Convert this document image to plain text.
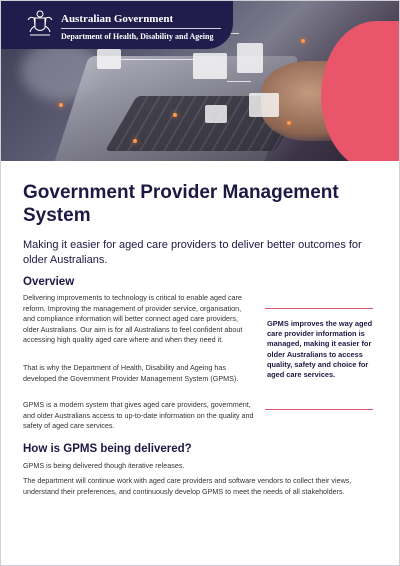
Australian Government
Department of Health, Disability and Ageing
Government Provider Management System

Making it easier for aged care providers to deliver better outcomes for older Australians.

Overview

Delivering improvements to technology is critical to enable aged care reform. Improving the management of provider service, organisation, and compliance information will better connect aged care providers, older Australians. Our aim is for all Australians to feel confident about accessing high quality aged care where and when they need it.

That is why the Department of Health, Disability and Ageing has developed the Government Provider Management System (GPMS).

GPMS is a modern system that gives aged care providers, government, and older Australians access to up-to-date information on the quality and safety of aged care services.

GPMS improves the way aged care provider information is managed, making it easier for older Australians to access quality, safety and choice for aged care services.
How is GPMS being delivered?

GPMS is being delivered though iterative releases.

The department will continue work with aged care providers and software vendors to collect their views, understand their preferences, and continuously develop GPMS to meet the needs of all stakeholders.
